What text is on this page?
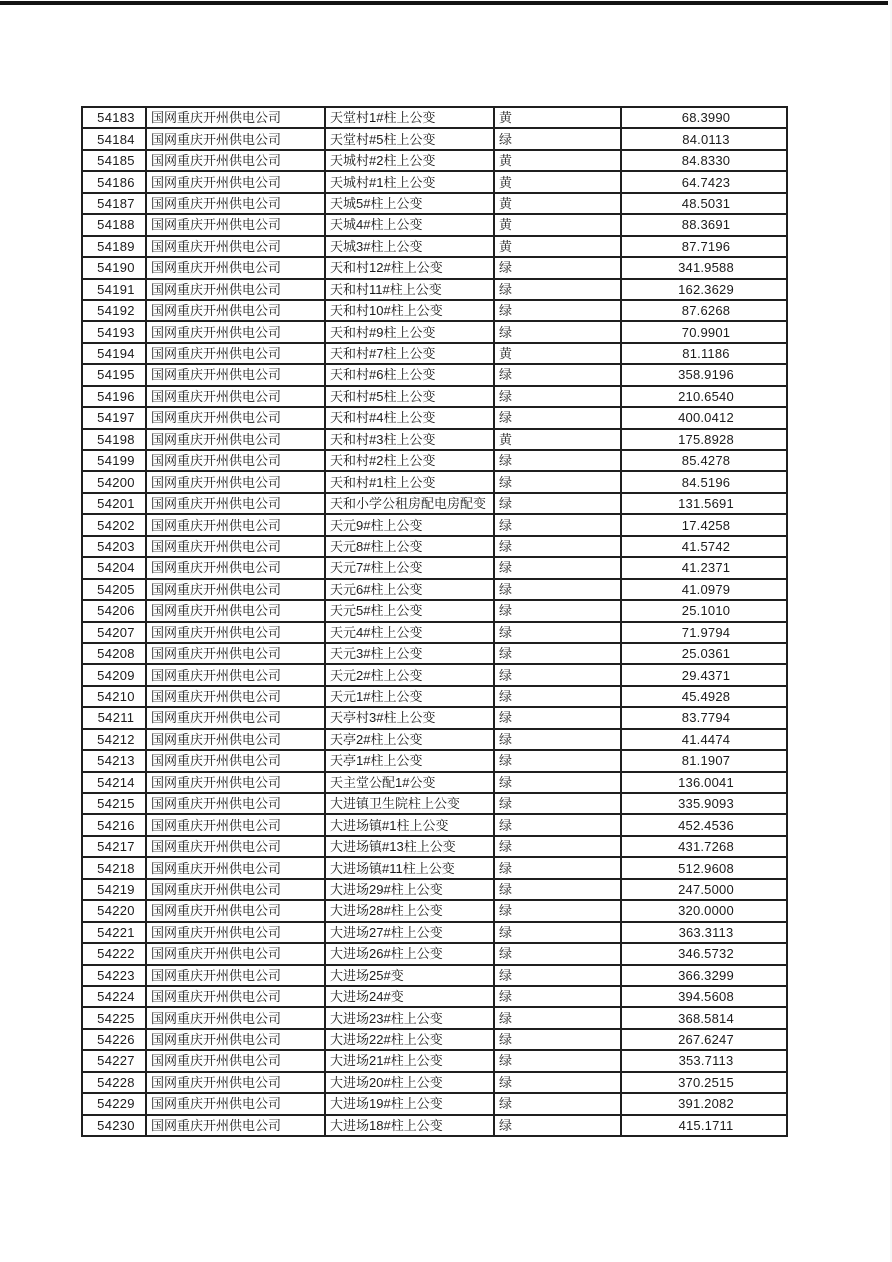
54183	国网重庆开州供电公司	天堂村1#柱上公变	黄	68.3990
54184	国网重庆开州供电公司	天堂村#5柱上公变	绿	84.0113
54185	国网重庆开州供电公司	天城村#2柱上公变	黄	84.8330
54186	国网重庆开州供电公司	天城村#1柱上公变	黄	64.7423
54187	国网重庆开州供电公司	天城5#柱上公变	黄	48.5031
54188	国网重庆开州供电公司	天城4#柱上公变	黄	88.3691
54189	国网重庆开州供电公司	天城3#柱上公变	黄	87.7196
54190	国网重庆开州供电公司	天和村12#柱上公变	绿	341.9588
54191	国网重庆开州供电公司	天和村11#柱上公变	绿	162.3629
54192	国网重庆开州供电公司	天和村10#柱上公变	绿	87.6268
54193	国网重庆开州供电公司	天和村#9柱上公变	绿	70.9901
54194	国网重庆开州供电公司	天和村#7柱上公变	黄	81.1186
54195	国网重庆开州供电公司	天和村#6柱上公变	绿	358.9196
54196	国网重庆开州供电公司	天和村#5柱上公变	绿	210.6540
54197	国网重庆开州供电公司	天和村#4柱上公变	绿	400.0412
54198	国网重庆开州供电公司	天和村#3柱上公变	黄	175.8928
54199	国网重庆开州供电公司	天和村#2柱上公变	绿	85.4278
54200	国网重庆开州供电公司	天和村#1柱上公变	绿	84.5196
54201	国网重庆开州供电公司	天和小学公租房配电房配变	绿	131.5691
54202	国网重庆开州供电公司	天元9#柱上公变	绿	17.4258
54203	国网重庆开州供电公司	天元8#柱上公变	绿	41.5742
54204	国网重庆开州供电公司	天元7#柱上公变	绿	41.2371
54205	国网重庆开州供电公司	天元6#柱上公变	绿	41.0979
54206	国网重庆开州供电公司	天元5#柱上公变	绿	25.1010
54207	国网重庆开州供电公司	天元4#柱上公变	绿	71.9794
54208	国网重庆开州供电公司	天元3#柱上公变	绿	25.0361
54209	国网重庆开州供电公司	天元2#柱上公变	绿	29.4371
54210	国网重庆开州供电公司	天元1#柱上公变	绿	45.4928
54211	国网重庆开州供电公司	天亭村3#柱上公变	绿	83.7794
54212	国网重庆开州供电公司	天亭2#柱上公变	绿	41.4474
54213	国网重庆开州供电公司	天亭1#柱上公变	绿	81.1907
54214	国网重庆开州供电公司	天主堂公配1#公变	绿	136.0041
54215	国网重庆开州供电公司	大进镇卫生院柱上公变	绿	335.9093
54216	国网重庆开州供电公司	大进场镇#1柱上公变	绿	452.4536
54217	国网重庆开州供电公司	大进场镇#13柱上公变	绿	431.7268
54218	国网重庆开州供电公司	大进场镇#11柱上公变	绿	512.9608
54219	国网重庆开州供电公司	大进场29#柱上公变	绿	247.5000
54220	国网重庆开州供电公司	大进场28#柱上公变	绿	320.0000
54221	国网重庆开州供电公司	大进场27#柱上公变	绿	363.3113
54222	国网重庆开州供电公司	大进场26#柱上公变	绿	346.5732
54223	国网重庆开州供电公司	大进场25#变	绿	366.3299
54224	国网重庆开州供电公司	大进场24#变	绿	394.5608
54225	国网重庆开州供电公司	大进场23#柱上公变	绿	368.5814
54226	国网重庆开州供电公司	大进场22#柱上公变	绿	267.6247
54227	国网重庆开州供电公司	大进场21#柱上公变	绿	353.7113
54228	国网重庆开州供电公司	大进场20#柱上公变	绿	370.2515
54229	国网重庆开州供电公司	大进场19#柱上公变	绿	391.2082
54230	国网重庆开州供电公司	大进场18#柱上公变	绿	415.1711
